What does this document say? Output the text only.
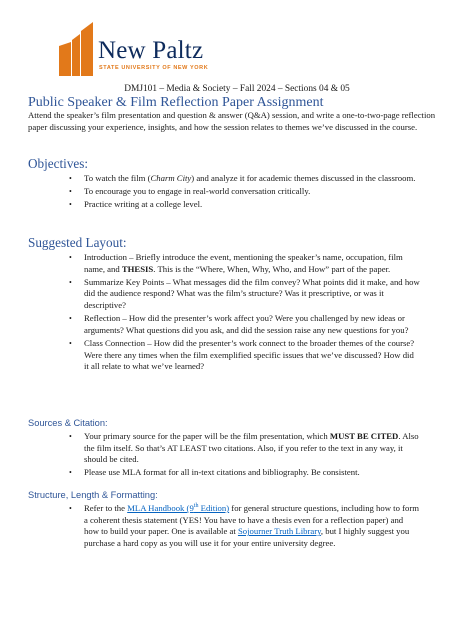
New Paltz
STATE UNIVERSITY OF NEW YORK
DMJ101 – Media & Society – Fall 2024 – Sections 04 & 05
Public Speaker & Film Reflection Paper Assignment
Attend the speaker’s film presentation and question & answer (Q&A) session, and write a one-to-two-page reflection paper discussing your experience, insights, and how the session relates to themes we’ve discussed in the course.
Objectives:
• To watch the film (Charm City) and analyze it for academic themes discussed in the classroom.
• To encourage you to engage in real-world conversation critically.
• Practice writing at a college level.
Suggested Layout:
• Introduction – Briefly introduce the event, mentioning the speaker’s name, occupation, film name, and THESIS. This is the “Where, When, Why, Who, and How” part of the paper.
• Summarize Key Points – What messages did the film convey? What points did it make, and how did the audience respond? What was the film’s structure? Was it prescriptive, or was it descriptive?
• Reflection – How did the presenter’s work affect you? Were you challenged by new ideas or arguments? What questions did you ask, and did the session raise any new questions for you?
• Class Connection – How did the presenter’s work connect to the broader themes of the course? Were there any times when the film exemplified specific issues that we’ve discussed? How did it all relate to what we’ve learned?
Sources & Citation:
• Your primary source for the paper will be the film presentation, which MUST BE CITED. Also the film itself. So that’s AT LEAST two citations. Also, if you refer to the text in any way, it should be cited.
• Please use MLA format for all in-text citations and bibliography. Be consistent.
Structure, Length & Formatting:
• Refer to the MLA Handbook (9th Edition) for general structure questions, including how to form a coherent thesis statement (YES! You have to have a thesis even for a reflection paper) and how to build your paper. One is available at Sojourner Truth Library, but I highly suggest you purchase a hard copy as you will use it for your entire university degree.
